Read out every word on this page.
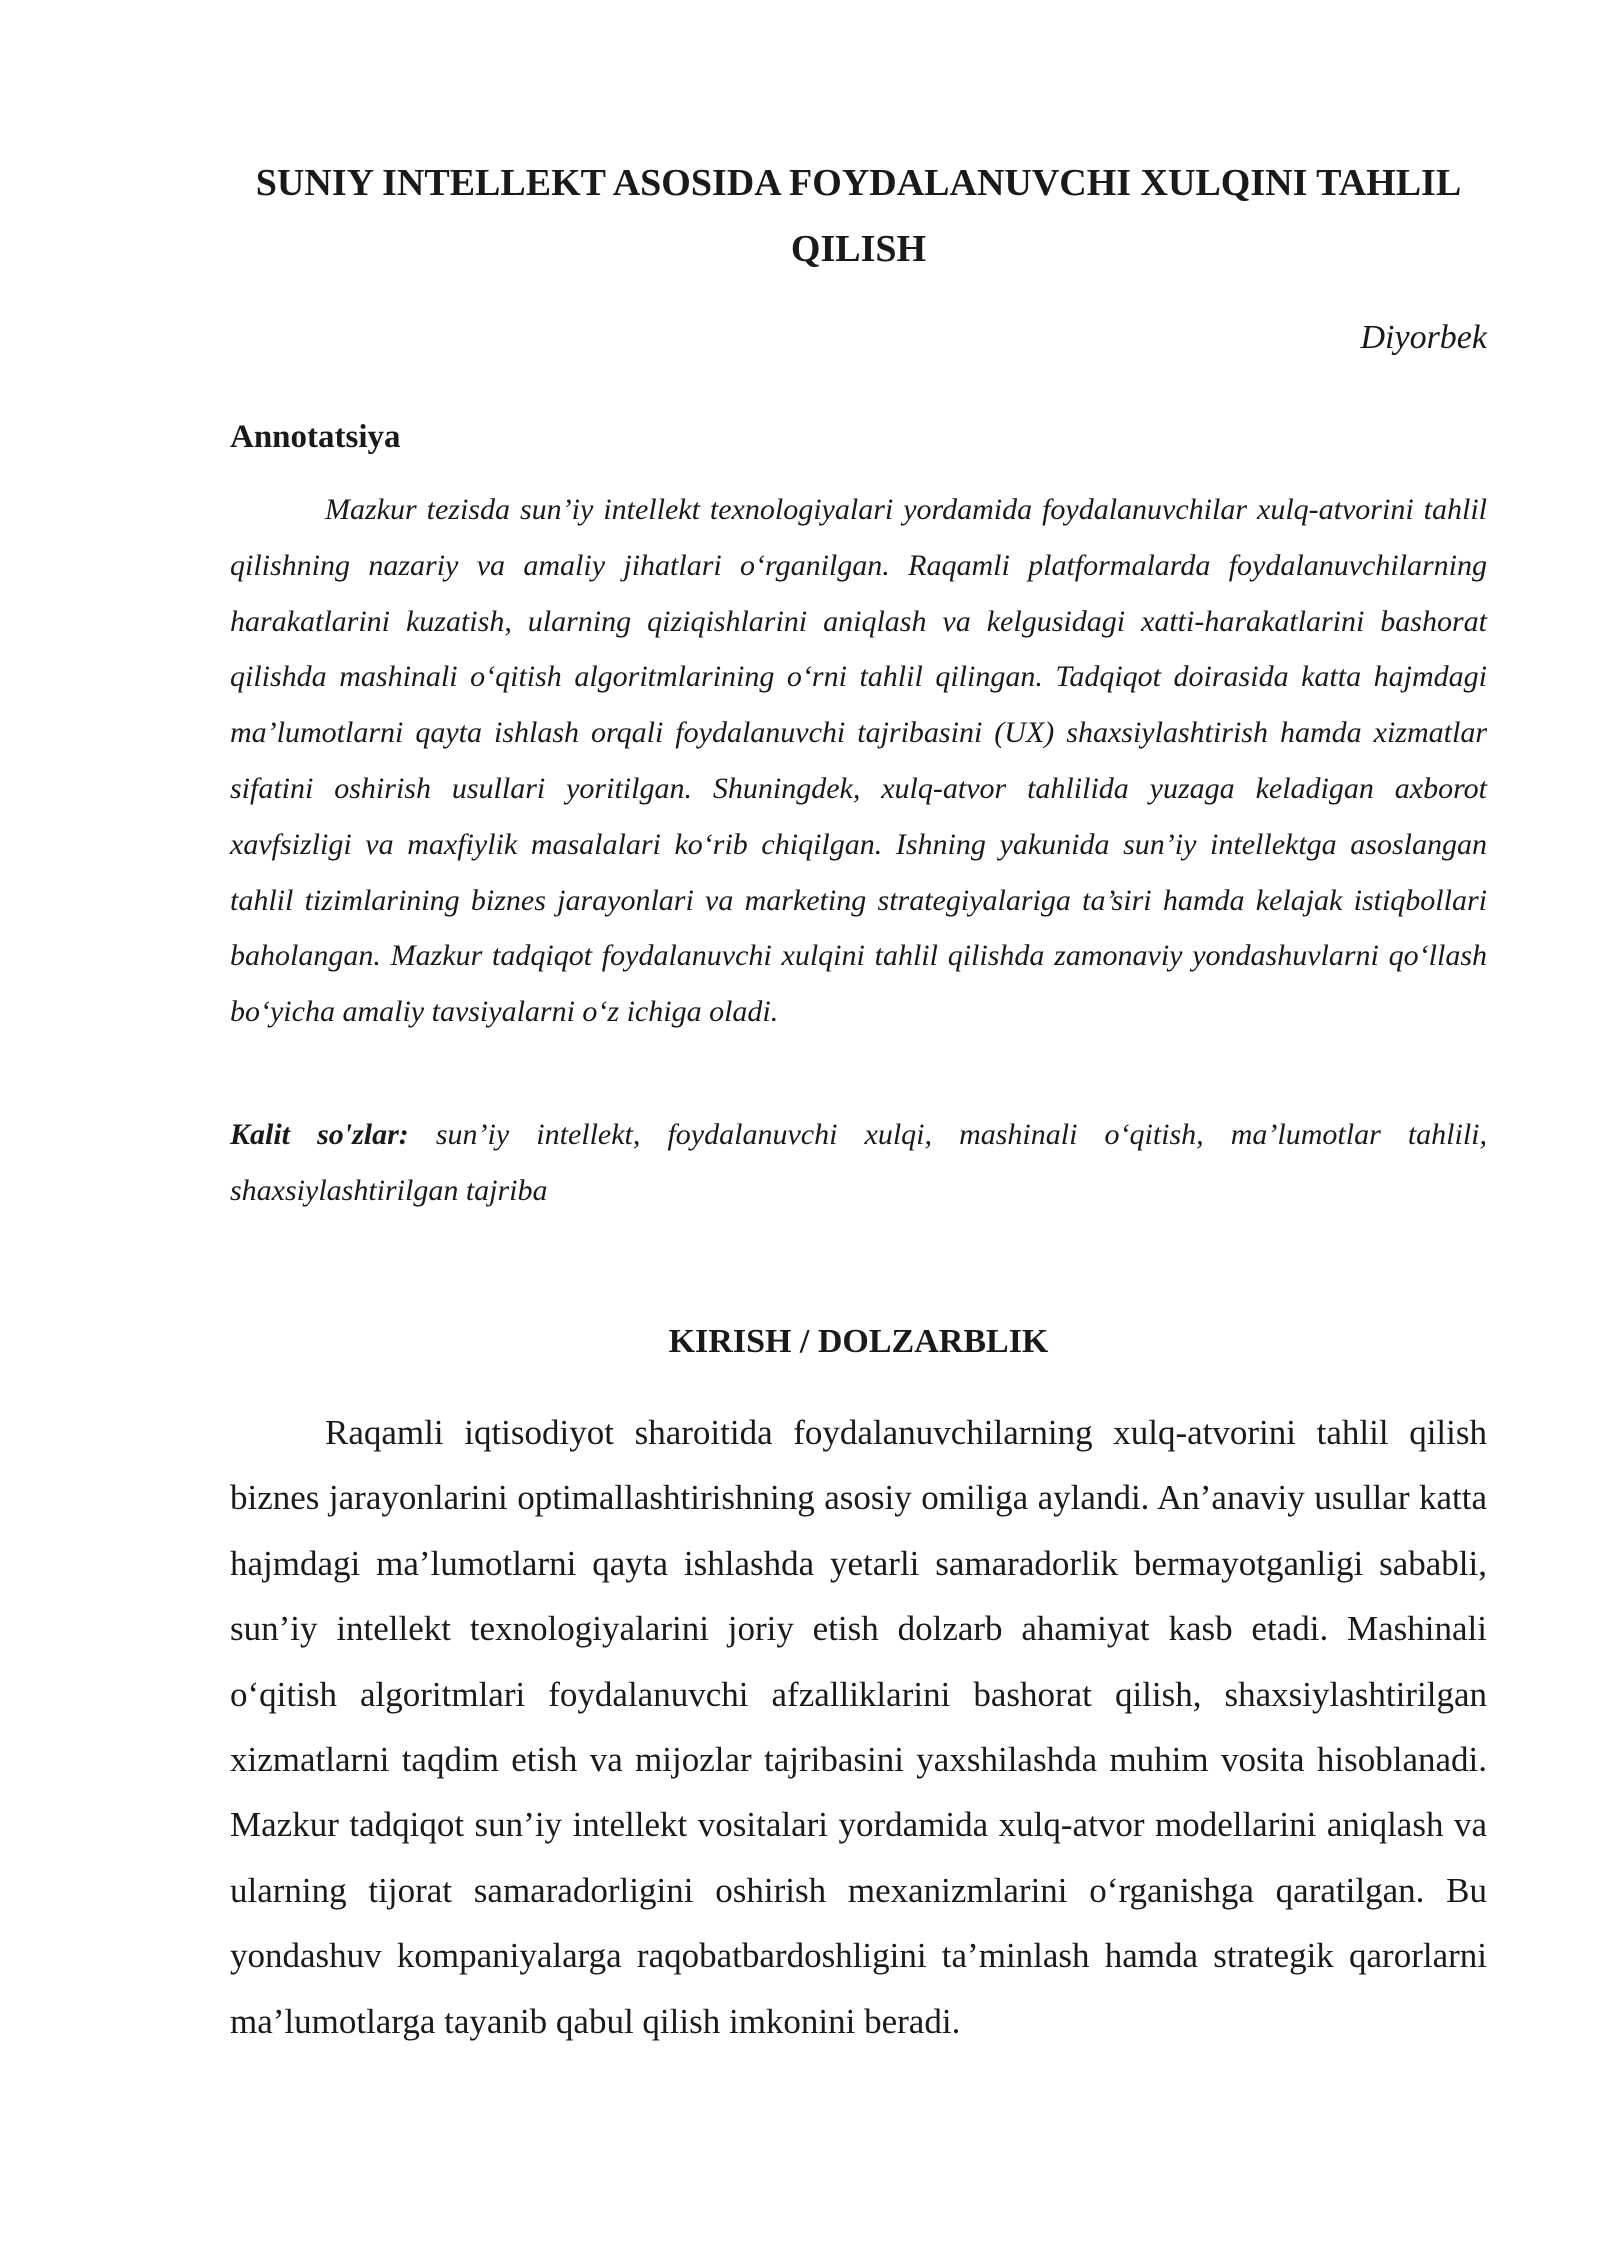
SUNIY INTELLEKT ASOSIDA FOYDALANUVCHI XULQINI TAHLIL QILISH
Diyorbek
Annotatsiya

Mazkur tezisda sun’iy intellekt texnologiyalari yordamida foydalanuvchilar xulq-atvorini tahlil qilishning nazariy va amaliy jihatlari o‘rganilgan. Raqamli platformalarda foydalanuvchilarning harakatlarini kuzatish, ularning qiziqishlarini aniqlash va kelgusidagi xatti-harakatlarini bashorat qilishda mashinali o‘qitish algoritmlarining o‘rni tahlil qilingan. Tadqiqot doirasida katta hajmdagi ma’lumotlarni qayta ishlash orqali foydalanuvchi tajribasini (UX) shaxsiylashtirish hamda xizmatlar sifatini oshirish usullari yoritilgan. Shuningdek, xulq-atvor tahlilida yuzaga keladigan axborot xavfsizligi va maxfiylik masalalari ko‘rib chiqilgan. Ishning yakunida sun’iy intellektga asoslangan tahlil tizimlarining biznes jarayonlari va marketing strategiyalariga ta’siri hamda kelajak istiqbollari baholangan. Mazkur tadqiqot foydalanuvchi xulqini tahlil qilishda zamonaviy yondashuvlarni qo‘llash bo‘yicha amaliy tavsiyalarni o‘z ichiga oladi.

Kalit so'zlar: sun’iy intellekt, foydalanuvchi xulqi, mashinali o‘qitish, ma’lumotlar tahlili, shaxsiylashtirilgan tajriba

KIRISH / DOLZARBLIK

Raqamli iqtisodiyot sharoitida foydalanuvchilarning xulq-atvorini tahlil qilish biznes jarayonlarini optimallashtirishning asosiy omiliga aylandi. An’anaviy usullar katta hajmdagi ma’lumotlarni qayta ishlashda yetarli samaradorlik bermayotganligi sababli, sun’iy intellekt texnologiyalarini joriy etish dolzarb ahamiyat kasb etadi. Mashinali o‘qitish algoritmlari foydalanuvchi afzalliklarini bashorat qilish, shaxsiylashtirilgan xizmatlarni taqdim etish va mijozlar tajribasini yaxshilashda muhim vosita hisoblanadi. Mazkur tadqiqot sun’iy intellekt vositalari yordamida xulq-atvor modellarini aniqlash va ularning tijorat samaradorligini oshirish mexanizmlarini o‘rganishga qaratilgan. Bu yondashuv kompaniyalarga raqobatbardoshligini ta’minlash hamda strategik qarorlarni ma’lumotlarga tayanib qabul qilish imkonini beradi.
